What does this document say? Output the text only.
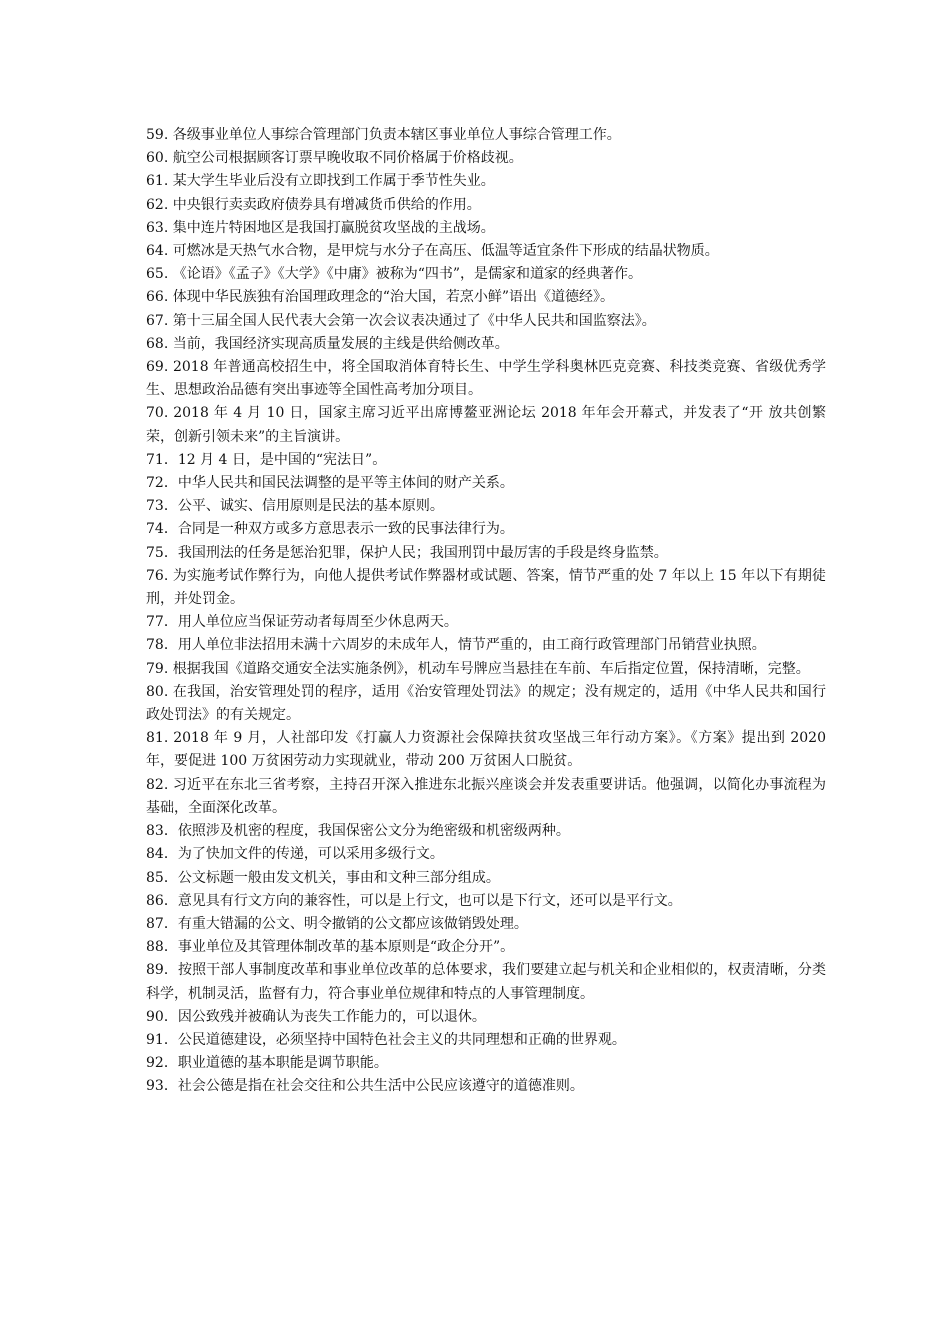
59. 各级事业单位人事综合管理部门负责本辖区事业单位人事综合管理工作。

60. 航空公司根据顾客订票早晚收取不同价格属于价格歧视。

61. 某大学生毕业后没有立即找到工作属于季节性失业。

62. 中央银行卖卖政府债券具有增减货币供给的作用。

63. 集中连片特困地区是我国打赢脱贫攻坚战的主战场。

64. 可燃冰是天热气水合物，是甲烷与水分子在高压、低温等适宜条件下形成的结晶状物质。

65. 《论语》《孟子》《大学》《中庸》被称为“四书”，是儒家和道家的经典著作。

66. 体现中华民族独有治国理政理念的“治大国，若烹小鲜”语出《道德经》。

67. 第十三届全国人民代表大会第一次会议表决通过了《中华人民共和国监察法》。

68. 当前，我国经济实现高质量发展的主线是供给侧改革。

69. 2018 年普通高校招生中，将全国取消体育特长生、中学生学科奥林匹克竞赛、科技类竞赛、省级优秀学生、思想政治品德有突出事迹等全国性高考加分项目。

70. 2018 年 4 月 10 日，国家主席习近平出席博鳌亚洲论坛 2018 年年会开幕式，并发表了“开 放共创繁荣，创新引领未来”的主旨演讲。

71．12 月 4 日，是中国的“宪法日”。

72．中华人民共和国民法调整的是平等主体间的财产关系。

73．公平、诚实、信用原则是民法的基本原则。

74．合同是一种双方或多方意思表示一致的民事法律行为。

75．我国刑法的任务是惩治犯罪，保护人民；我国刑罚中最厉害的手段是终身监禁。

76. 为实施考试作弊行为，向他人提供考试作弊器材或试题、答案，情节严重的处 7 年以上 15 年以下有期徒刑，并处罚金。

77．用人单位应当保证劳动者每周至少休息两天。

78．用人单位非法招用未满十六周岁的未成年人，情节严重的，由工商行政管理部门吊销营业执照。

79. 根据我国《道路交通安全法实施条例》，机动车号牌应当悬挂在车前、车后指定位置，保持清晰，完整。

80. 在我国，治安管理处罚的程序，适用《治安管理处罚法》的规定；没有规定的，适用《中华人民共和国行政处罚法》的有关规定。

81. 2018 年 9 月，人社部印发《打赢人力资源社会保障扶贫攻坚战三年行动方案》。《方案》提出到 2020 年，要促进 100 万贫困劳动力实现就业，带动 200 万贫困人口脱贫。

82. 习近平在东北三省考察，主持召开深入推进东北振兴座谈会并发表重要讲话。他强调，以简化办事流程为基础，全面深化改革。

83．依照涉及机密的程度，我国保密公文分为绝密级和机密级两种。

84．为了快加文件的传递，可以采用多级行文。

85．公文标题一般由发文机关，事由和文种三部分组成。

86．意见具有行文方向的兼容性，可以是上行文，也可以是下行文，还可以是平行文。

87．有重大错漏的公文、明令撤销的公文都应该做销毁处理。

88．事业单位及其管理体制改革的基本原则是“政企分开”。

89．按照干部人事制度改革和事业单位改革的总体要求，我们要建立起与机关和企业相似的，权责清晰，分类科学，机制灵活，监督有力，符合事业单位规律和特点的人事管理制度。

90．因公致残并被确认为丧失工作能力的，可以退休。

91．公民道德建设，必须坚持中国特色社会主义的共同理想和正确的世界观。

92．职业道德的基本职能是调节职能。

93．社会公德是指在社会交往和公共生活中公民应该遵守的道德准则。
